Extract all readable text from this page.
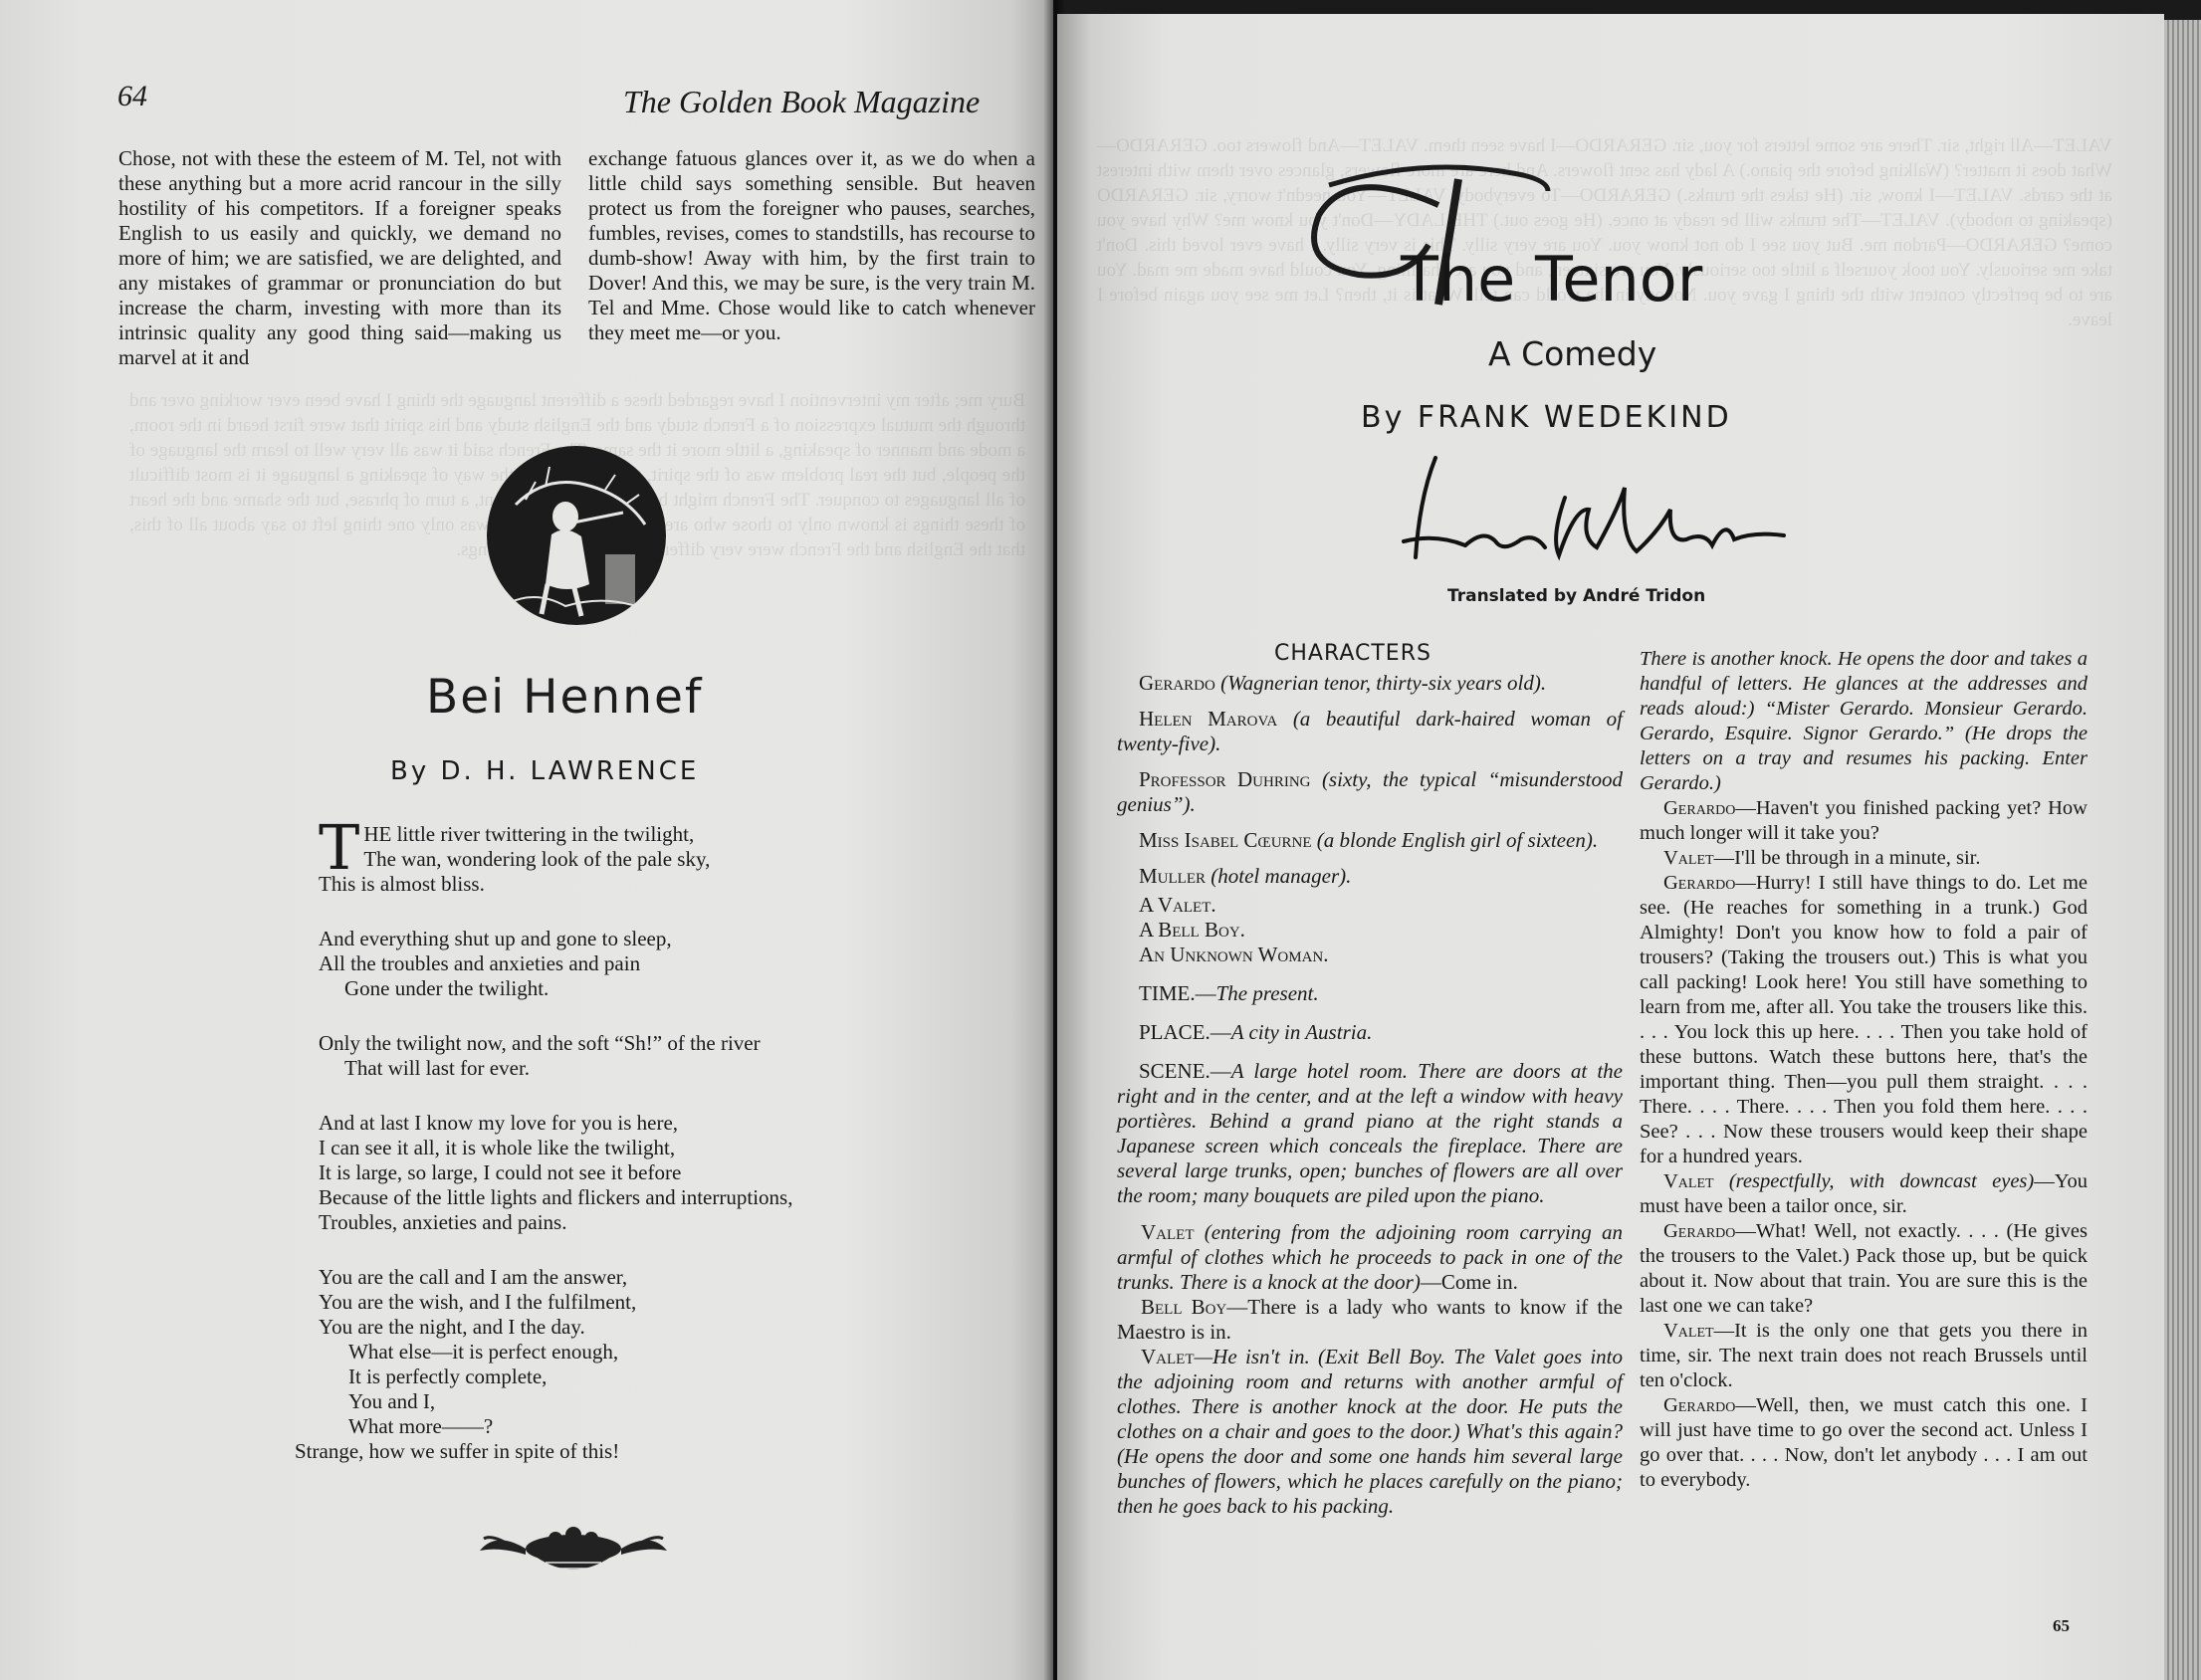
Bury me; after my intervention I have regarded these a different language the thing I have been ever working over and through the mutual expression of a French study and the English study and his spirit that were first heard in the room, a mode and manner of speaking, a little more it the same.  French said it was all very well to learn the language of the people, but the real problem was of the spirit,    the way of speaking a language it is most difficult of all languages to conquer. The French might be     a turn of phrase, but the shame and the heart of these things is known only to those who are      was only one thing left to say about all of this, that the English and the French were very different     things.
64	The Golden Book Magazine

Chose, not with these the esteem of M. Tel, not with these anything but a more acrid rancour in the silly hostility of his competitors. If a foreigner speaks English to us easily and quickly, we demand no more of him; we are satisfied, we are delighted, and any mistakes of grammar or pronunciation do but increase the charm, investing with more than its intrinsic quality any good thing said—making us marvel at it and

exchange fatuous glances over it, as we do when a little child says something sensible. But heaven protect us from the foreigner who pauses, searches, fumbles, revises, comes to standstills, has recourse to dumb-show! Away with him, by the first train to Dover! And this, we may be sure, is the very train M. Tel and Mme. Chose would like to catch whenever they meet me—or you.

Bei Hennef
By D. H. LAWRENCE
T HE little river twittering in the twilight,
The wan, wondering look of the pale sky,
This is almost bliss.
And everything shut up and gone to sleep,
All the troubles and anxieties and pain
Gone under the twilight.
Only the twilight now, and the soft “Sh!” of the river
That will last for ever.
And at last I know my love for you is here,
I can see it all, it is whole like the twilight,
It is large, so large, I could not see it before
Because of the little lights and flickers and interruptions,
Troubles, anxieties and pains.
You are the call and I am the answer,
You are the wish, and I the fulfilment,
You are the night, and I the day.
What else—it is perfect enough,
It is perfectly complete,
You and I,
What more——?
Strange, how we suffer in spite of this!
VALET—All right, sir. There are some letters for you, sir. GERARDO—I have seen them. VALET—And flowers too. GERARDO—What does it matter? (Walking before the piano.) A lady has sent flowers. And here are more flowers, glances over them with interest at the cards. VALET—I know, sir. (He takes the trunks.) GERARDO—To everybody. VALET—You needn't worry, sir. GERARDO (speaking to nobody). VALET—The trunks will be ready at once. (He goes out.) THE LADY—Don't you know me? Why have you come? GERARDO—Pardon me. But you see I do not know you. You are very silly. This is very silly. I have ever loved this. Don't take me seriously. You took yourself a little too seriously. You are sixteen, and you are charming. You could have made me mad. You are to be perfectly content with the thing I gave you. Nobody in the world can tell. What is it, then? Let me see you again before I leave.
The Tenor
A Comedy
By FRANK WEDEKIND
Translated by André Tridon
CHARACTERS

Gerardo (Wagnerian tenor, thirty-six years old).

Helen Marova (a beautiful dark-haired woman of twenty-five).

Professor Duhring (sixty, the typical “misunderstood genius”).

Miss Isabel Cœurne (a blonde English girl of sixteen).

Muller (hotel manager).

A Valet.

A Bell Boy.

An Unknown Woman.

TIME.—The present.

PLACE.—A city in Austria.

SCENE.—A large hotel room. There are doors at the right and in the center, and at the left a window with heavy portières. Behind a grand piano at the right stands a Japanese screen which conceals the fireplace. There are several large trunks, open; bunches of flowers are all over the room; many bouquets are piled upon the piano.

Valet (entering from the adjoining room carrying an armful of clothes which he proceeds to pack in one of the trunks. There is a knock at the door)—Come in.

Bell Boy—There is a lady who wants to know if the Maestro is in.

Valet—He isn't in. (Exit Bell Boy. The Valet goes into the adjoining room and returns with another armful of clothes. There is another knock at the door. He puts the clothes on a chair and goes to the door.) What's this again? (He opens the door and some one hands him several large bunches of flowers, which he places carefully on the piano; then he goes back to his packing.

There is another knock. He opens the door and takes a handful of letters. He glances at the addresses and reads aloud:) “Mister Gerardo. Monsieur Gerardo. Gerardo, Esquire. Signor Gerardo.” (He drops the letters on a tray and resumes his packing. Enter Gerardo.)

Gerardo—Haven't you finished packing yet? How much longer will it take you?

Valet—I'll be through in a minute, sir.

Gerardo—Hurry! I still have things to do. Let me see. (He reaches for something in a trunk.) God Almighty! Don't you know how to fold a pair of trousers? (Taking the trousers out.) This is what you call packing! Look here! You still have something to learn from me, after all. You take the trousers like this. . . . You lock this up here. . . . Then you take hold of these buttons. Watch these buttons here, that's the important thing. Then—you pull them straight. . . . There. . . . There. . . . Then you fold them here. . . . See? . . . Now these trousers would keep their shape for a hundred years.

Valet (respectfully, with downcast eyes)—You must have been a tailor once, sir.

Gerardo—What! Well, not exactly. . . . (He gives the trousers to the Valet.) Pack those up, but be quick about it. Now about that train. You are sure this is the last one we can take?

Valet—It is the only one that gets you there in time, sir. The next train does not reach Brussels until ten o'clock.

Gerardo—Well, then, we must catch this one. I will just have time to go over the second act. Unless I go over that. . . . Now, don't let anybody . . . I am out to everybody.

65
